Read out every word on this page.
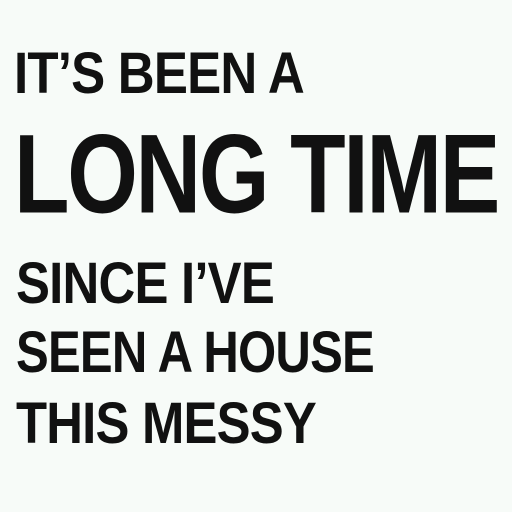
IT’S BEEN A
LONG TIME
SINCE I’VE
SEEN A HOUSE
THIS MESSY
